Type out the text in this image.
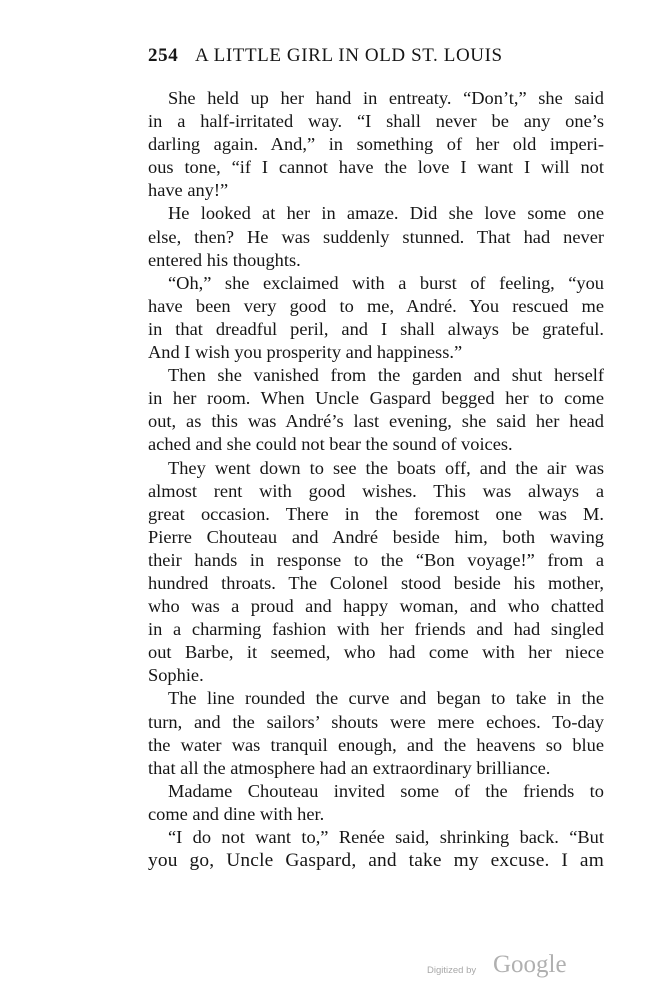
254 A LITTLE GIRL IN OLD ST. LOUIS
She held up her hand in entreaty. “Don’t,” she said
in a half-irritated way. “I shall never be any one’s
darling again. And,” in something of her old imperi-
ous tone, “if I cannot have the love I want I will not
have any!”
He looked at her in amaze. Did she love some one
else, then? He was suddenly stunned. That had never
entered his thoughts.
“Oh,” she exclaimed with a burst of feeling, “you
have been very good to me, André. You rescued me
in that dreadful peril, and I shall always be grateful.
And I wish you prosperity and happiness.”
Then she vanished from the garden and shut herself
in her room. When Uncle Gaspard begged her to come
out, as this was André’s last evening, she said her head
ached and she could not bear the sound of voices.
They went down to see the boats off, and the air was
almost rent with good wishes. This was always a
great occasion. There in the foremost one was M.
Pierre Chouteau and André beside him, both waving
their hands in response to the “Bon voyage!” from a
hundred throats. The Colonel stood beside his mother,
who was a proud and happy woman, and who chatted
in a charming fashion with her friends and had singled
out Barbe, it seemed, who had come with her niece
Sophie.
The line rounded the curve and began to take in the
turn, and the sailors’ shouts were mere echoes. To-day
the water was tranquil enough, and the heavens so blue
that all the atmosphere had an extraordinary brilliance.
Madame Chouteau invited some of the friends to
come and dine with her.
“I do not want to,” Renée said, shrinking back. “But
you go, Uncle Gaspard, and take my excuse. I am
Digitized by Google
